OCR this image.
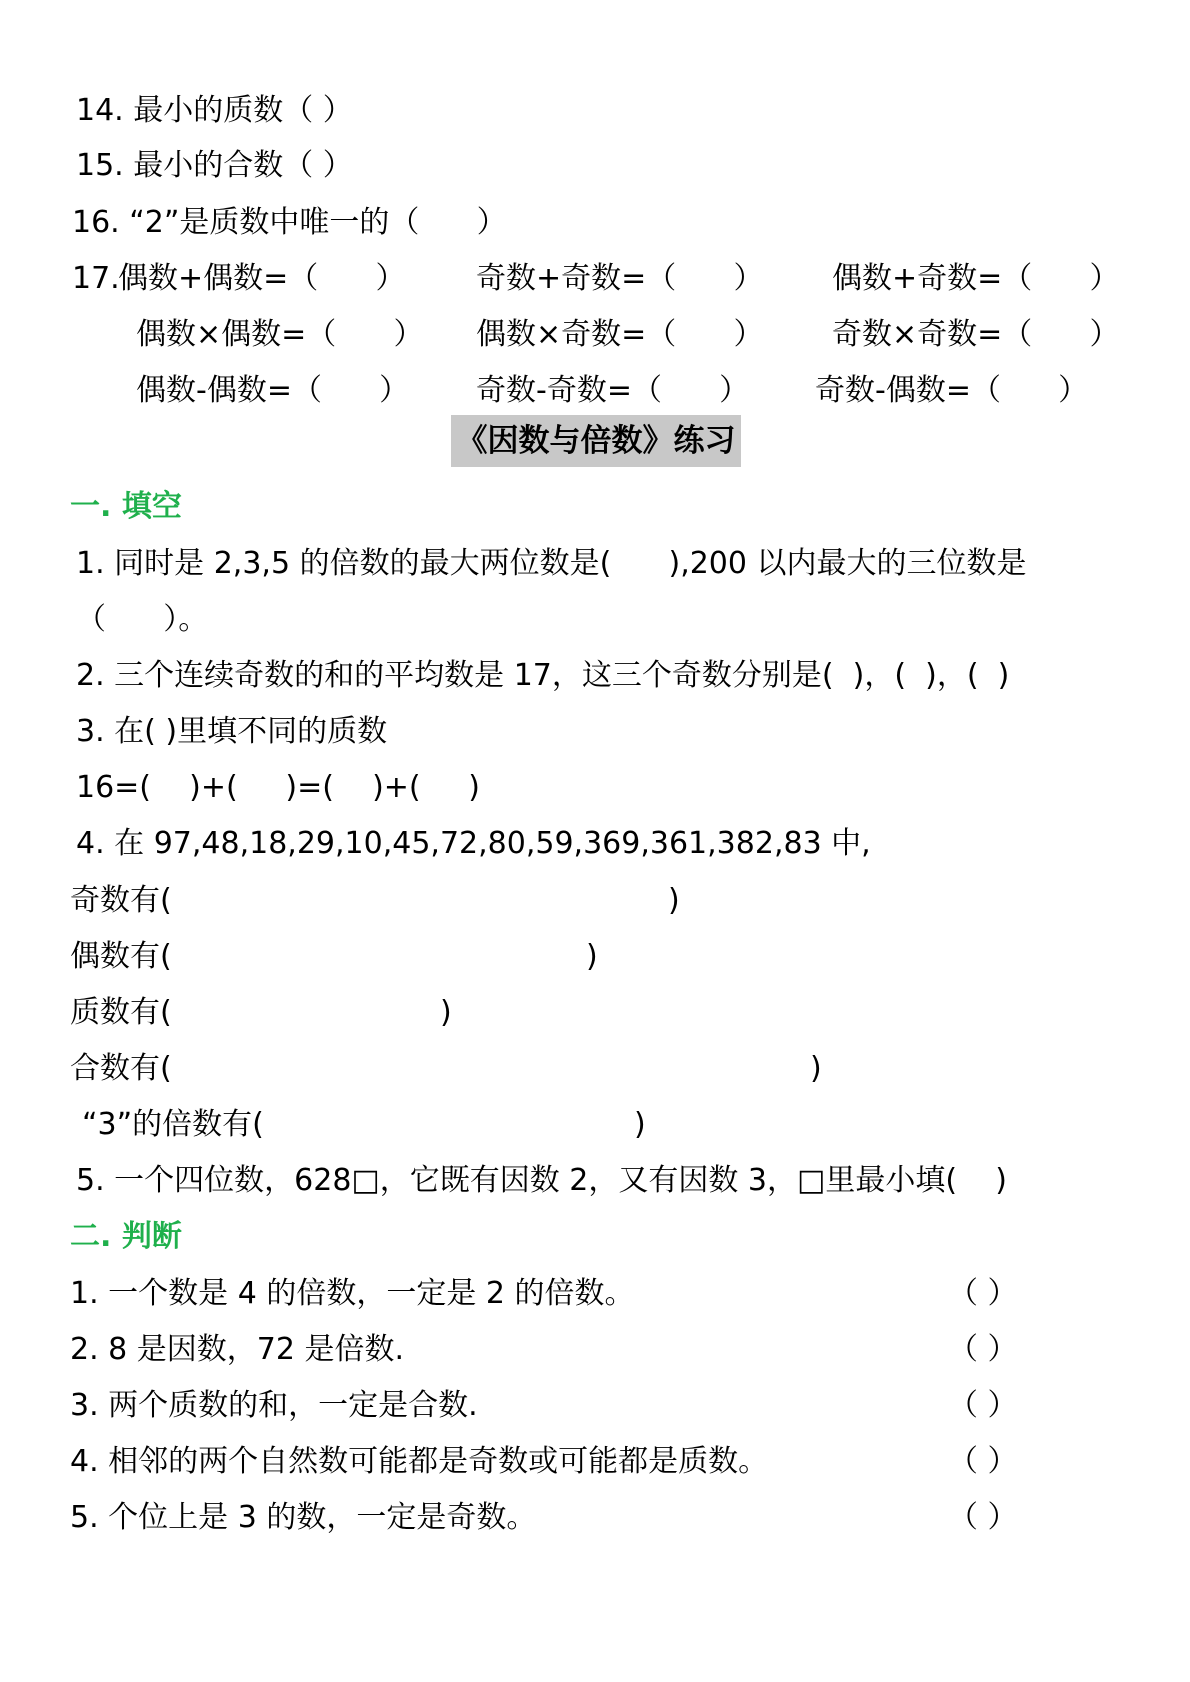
14. 最小的质数（ ）
15. 最小的合数（ ）
16. “2”是质数中唯一的（      ）
17.
偶数+偶数=（      ） 奇数+奇数=（      ） 偶数+奇数=（      ）
偶数×偶数=（      ） 偶数×奇数=（      ） 奇数×奇数=（      ）
偶数-偶数=（      ） 奇数-奇数=（      ） 奇数-偶数=（      ）
《因数与倍数》练习
一. 填空
1. 同时是 2,3,5 的倍数的最大两位数是(      ),200 以内最大的三位数是
（      ）。
2. 三个连续奇数的和的平均数是 17，这三个奇数分别是(  )，(  )，(  )
3. 在( )里填不同的质数
16=(    )+(     )=(    )+(     )
4. 在 97,48,18,29,10,45,72,80,59,369,361,382,83 中,
奇数有(	)
偶数有(	)
质数有(	)
合数有(	)
“3”的倍数有(	)
5. 一个四位数，628□，它既有因数 2，又有因数 3，□里最小填(    )
二. 判断
1. 一个数是 4 的倍数，一定是 2 的倍数。	（ ）
2. 8 是因数，72 是倍数.	（ ）
3. 两个质数的和，一定是合数.	（ ）
4. 相邻的两个自然数可能都是奇数或可能都是质数。	（ ）
5. 个位上是 3 的数，一定是奇数。	（ ）
